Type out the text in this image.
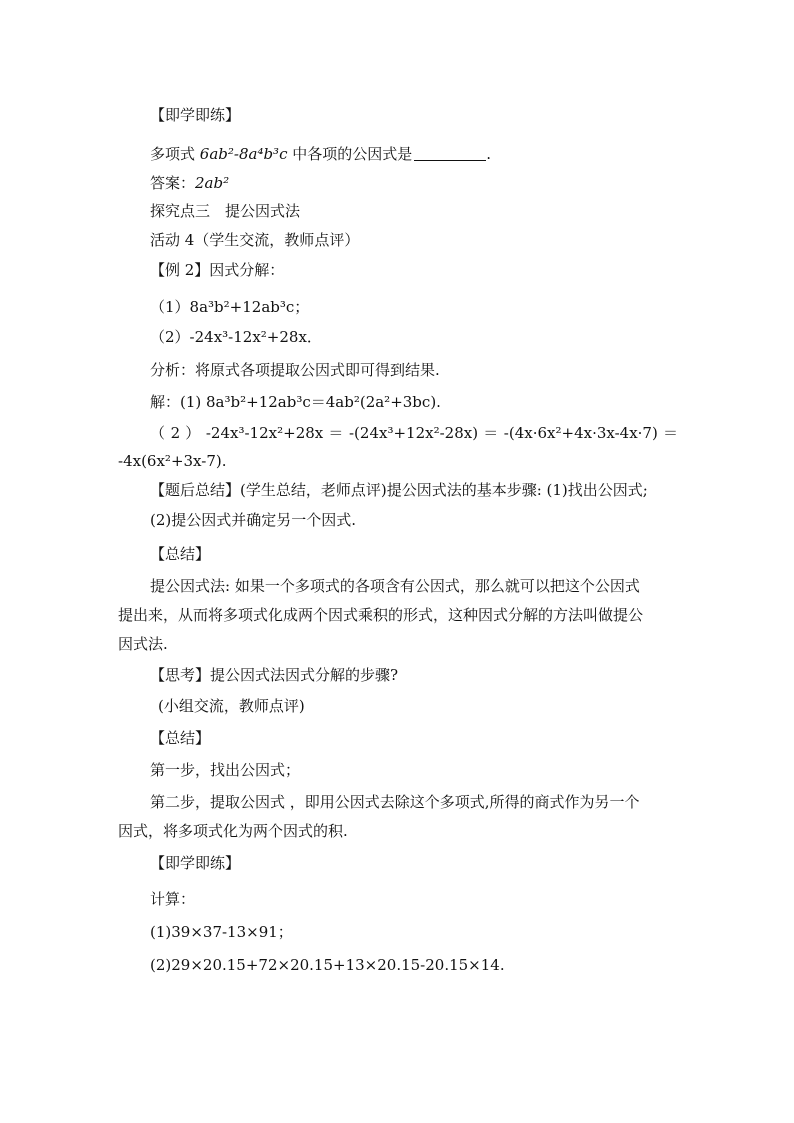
【即学即练】
多项式 6ab²-8a⁴b³c 中各项的公因式是	.
答案：2ab²
探究点三　提公因式法
活动 4（学生交流，教师点评）
【例 2】因式分解：
（1）8a³b²+12ab³c；
（2）-24x³-12x²+28x．
分析：将原式各项提取公因式即可得到结果.
解：(1) 8a³b²+12ab³c＝4ab²(2a²+3bc).
（ 2 ） -24x³-12x²+28x ＝ -(24x³+12x²-28x) ＝ -(4x·6x²+4x·3x-4x·7) ＝
-4x(6x²+3x-7).
【题后总结】(学生总结，老师点评)提公因式法的基本步骤: (1)找出公因式;
(2)提公因式并确定另一个因式.
【总结】
提公因式法: 如果一个多项式的各项含有公因式，那么就可以把这个公因式
提出来，从而将多项式化成两个因式乘积的形式，这种因式分解的方法叫做提公
因式法.
【思考】提公因式法因式分解的步骤?
(小组交流，教师点评)
【总结】
第一步，找出公因式；
第二步，提取公因式 ，即用公因式去除这个多项式,所得的商式作为另一个
因式，将多项式化为两个因式的积.
【即学即练】
计算：
(1)39×37-13×91；
(2)29×20.15+72×20.15+13×20.15-20.15×14.
